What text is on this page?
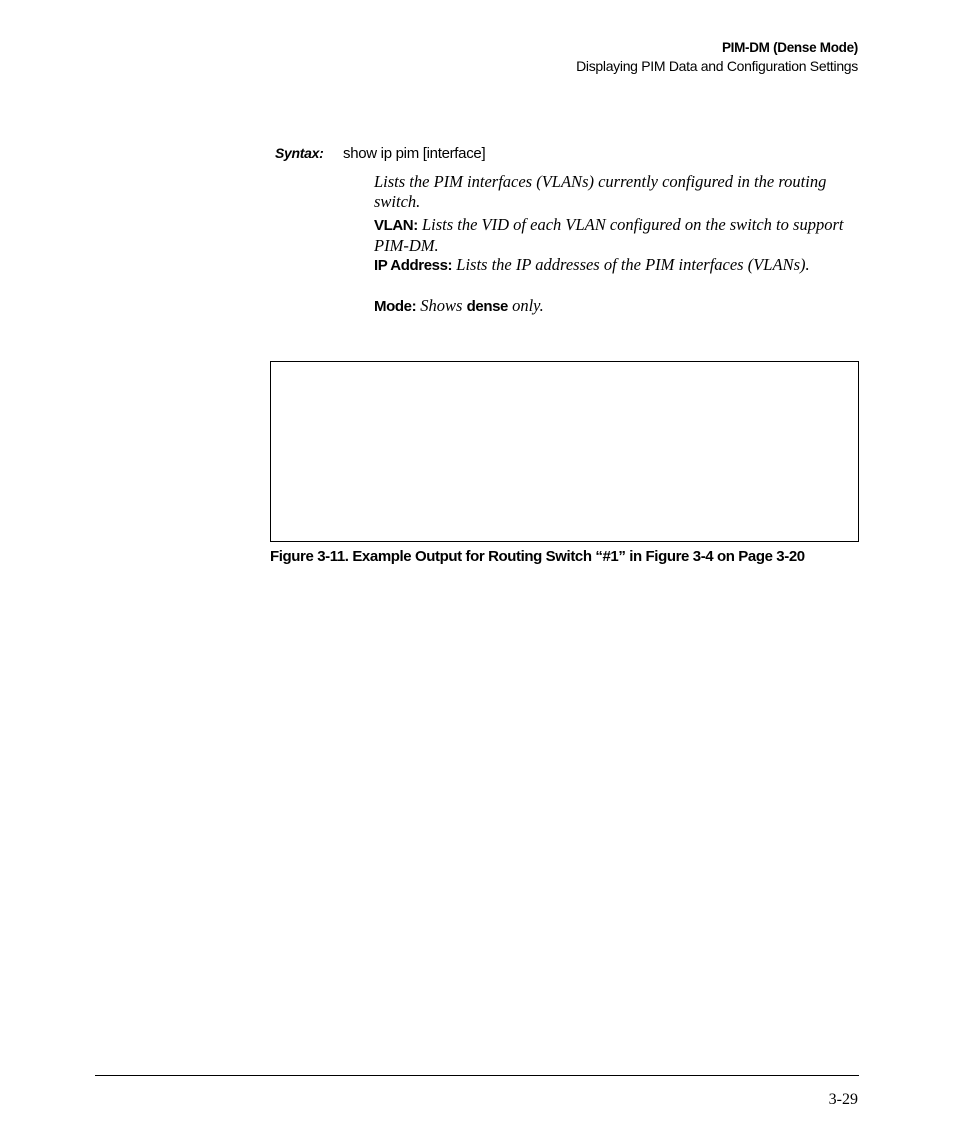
PIM-DM (Dense Mode)
Displaying PIM Data and Configuration Settings
Syntax: show ip pim [interface]
Lists the PIM interfaces (VLANs) currently configured in the routing switch.
VLAN: Lists the VID of each VLAN configured on the switch to support PIM-DM.
IP Address: Lists the IP addresses of the PIM interfaces (VLANs).
Mode: Shows dense only.
Figure 3-11. Example Output for Routing Switch “#1” in Figure 3-4 on Page 3-20
3-29
